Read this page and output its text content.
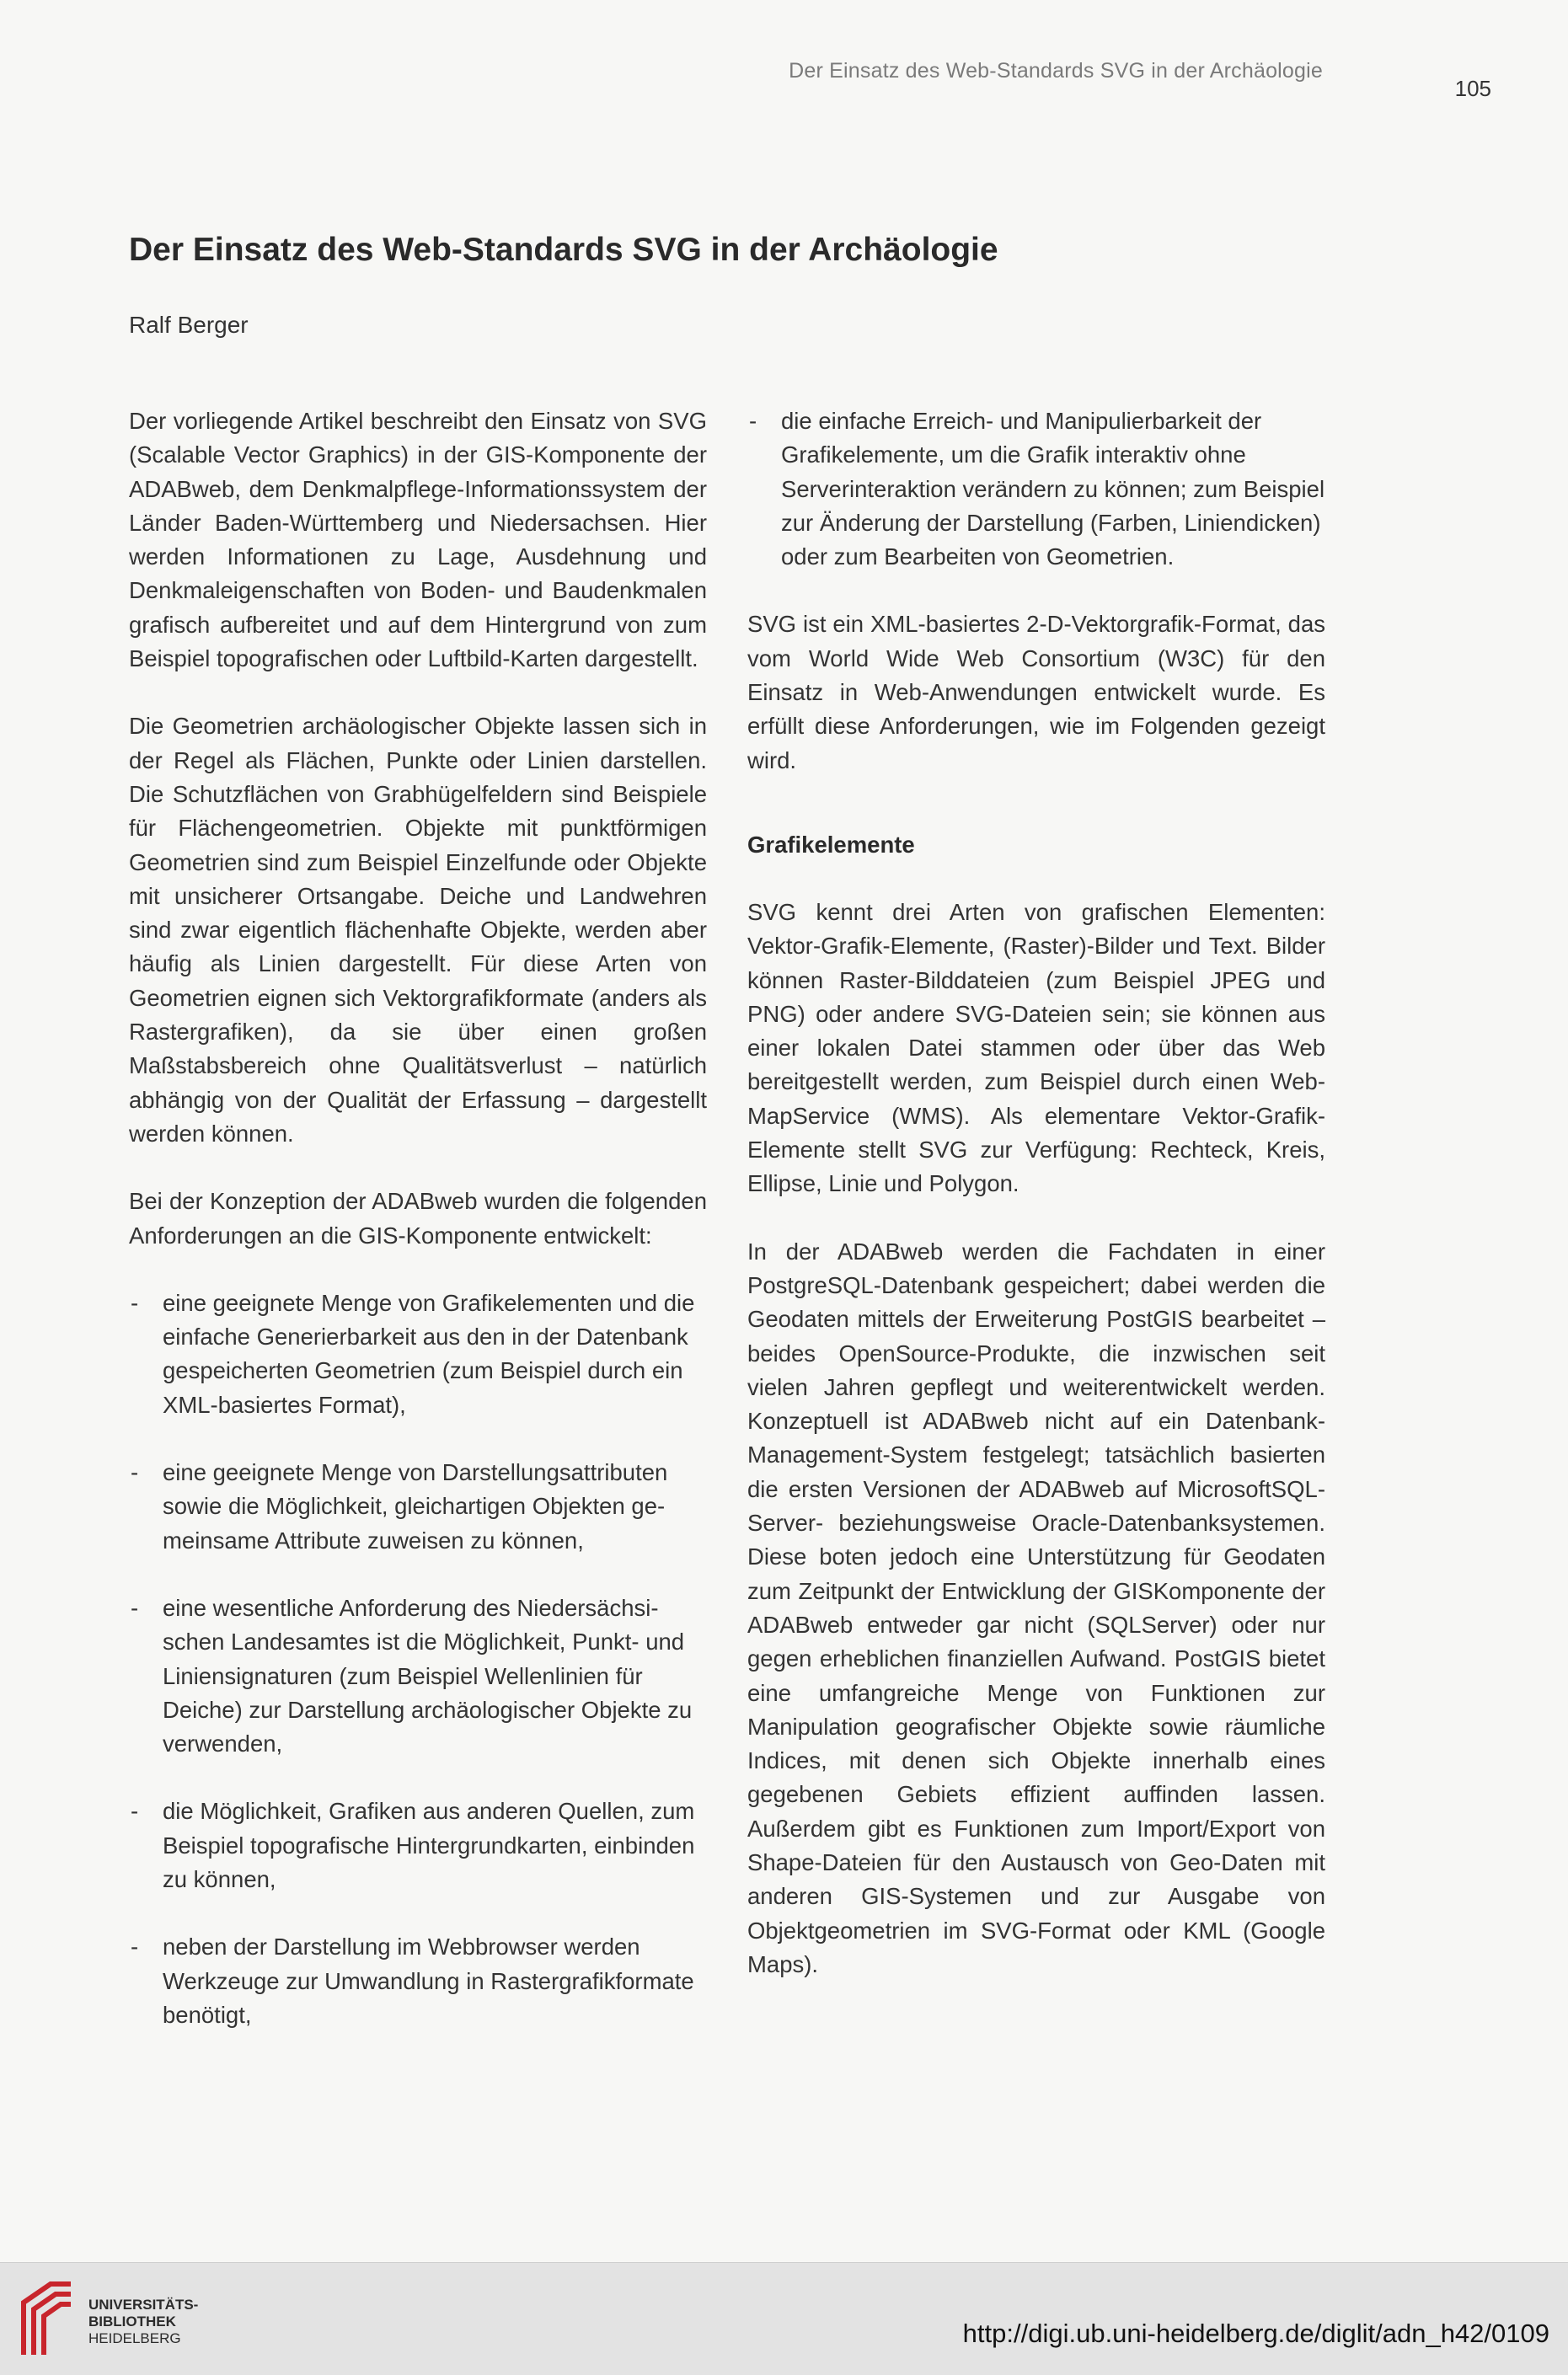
Der Einsatz des Web-Standards SVG in der Archäologie
105
Der Einsatz des Web-Standards SVG in der Archäologie
Ralf Berger

Der vorliegende Artikel beschreibt den Einsatz von SVG (Scalable Vector Graphics) in der GIS-Komponente der ADABweb, dem Denkmalpflege-Informationssystem der Länder Baden-Württemberg und Niedersachsen. Hier werden Informationen zu Lage, Ausdehnung und Denkmaleigenschaften von Boden- und Baudenkmalen grafisch aufbereitet und auf dem Hintergrund von zum Beispiel topografischen oder Luftbild-Karten dargestellt.

Die Geometrien archäologischer Objekte lassen sich in der Regel als Flächen, Punkte oder Linien darstellen. Die Schutzflächen von Grabhügelfeldern sind Beispiele für Flächengeometrien. Objekte mit punktförmigen Geometrien sind zum Beispiel Einzelfunde oder Objekte mit unsicherer Ortsangabe. Deiche und Landwehren sind zwar eigentlich flächenhafte Objekte, werden aber häufig als Linien dargestellt. Für diese Arten von Geometrien eignen sich Vektorgrafikformate (anders als Rastergrafiken), da sie über einen großen Maßstabsbereich ohne Qualitätsverlust – natürlich abhängig von der Qualität der Erfassung – dargestellt werden können.

Bei der Konzeption der ADABweb wurden die folgenden Anforderungen an die GIS-Komponente entwickelt:

- eine geeignete Menge von Grafikelementen und die einfache Generierbarkeit aus den in der Datenbank gespeicherten Geometrien (zum Beispiel durch ein XML-basiertes Format),
- eine geeignete Menge von Darstellungsattributen sowie die Möglichkeit, gleichartigen Objekten gemeinsame Attribute zuweisen zu können,
- eine wesentliche Anforderung des Niedersächsischen Landesamtes ist die Möglichkeit, Punkt- und Liniensignaturen (zum Beispiel Wellenlinien für Deiche) zur Darstellung archäologischer Objekte zu verwenden,
- die Möglichkeit, Grafiken aus anderen Quellen, zum Beispiel topografische Hintergrundkarten, einbinden zu können,
- neben der Darstellung im Webbrowser werden Werkzeuge zur Umwandlung in Rastergrafikformate benötigt,
- die einfache Erreich- und Manipulierbarkeit der Grafikelemente, um die Grafik interaktiv ohne Serverinteraktion verändern zu können; zum Beispiel zur Änderung der Darstellung (Farben, Liniendicken) oder zum Bearbeiten von Geometrien.

SVG ist ein XML-basiertes 2-D-Vektorgrafik-Format, das vom World Wide Web Consortium (W3C) für den Einsatz in Web-Anwendungen entwickelt wurde. Es erfüllt diese Anforderungen, wie im Folgenden gezeigt wird.

Grafikelemente

SVG kennt drei Arten von grafischen Elementen: Vektor-Grafik-Elemente, (Raster)-Bilder und Text. Bilder können Raster-Bilddateien (zum Beispiel JPEG und PNG) oder andere SVG-Dateien sein; sie können aus einer lokalen Datei stammen oder über das Web bereitgestellt werden, zum Beispiel durch einen WebMapService (WMS). Als elementare Vektor-GrafikElemente stellt SVG zur Verfügung: Rechteck, Kreis, Ellipse, Linie und Polygon.

In der ADABweb werden die Fachdaten in einer PostgreSQL-Datenbank gespeichert; dabei werden die Geodaten mittels der Erweiterung PostGIS bearbeitet – beides OpenSource-Produkte, die inzwischen seit vielen Jahren gepflegt und weiterentwickelt werden. Konzeptuell ist ADABweb nicht auf ein DatenbankManagement-System festgelegt; tatsächlich basierten die ersten Versionen der ADABweb auf MicrosoftSQL-Server- beziehungsweise Oracle-Datenbanksystemen. Diese boten jedoch eine Unterstützung für Geodaten zum Zeitpunkt der Entwicklung der GISKomponente der ADABweb entweder gar nicht (SQLServer) oder nur gegen erheblichen finanziellen Aufwand. PostGIS bietet eine umfangreiche Menge von Funktionen zur Manipulation geografischer Objekte sowie räumliche Indices, mit denen sich Objekte innerhalb eines gegebenen Gebiets effizient auffinden lassen. Außerdem gibt es Funktionen zum Import/Export von Shape-Dateien für den Austausch von Geo-Daten mit anderen GIS-Systemen und zur Ausgabe von Objektgeometrien im SVG-Format oder KML (Google Maps).

UNIVERSITÄTS-
BIBLIOTHEK
HEIDELBERG	http://digi.ub.uni-heidelberg.de/diglit/adn_h42/0109
